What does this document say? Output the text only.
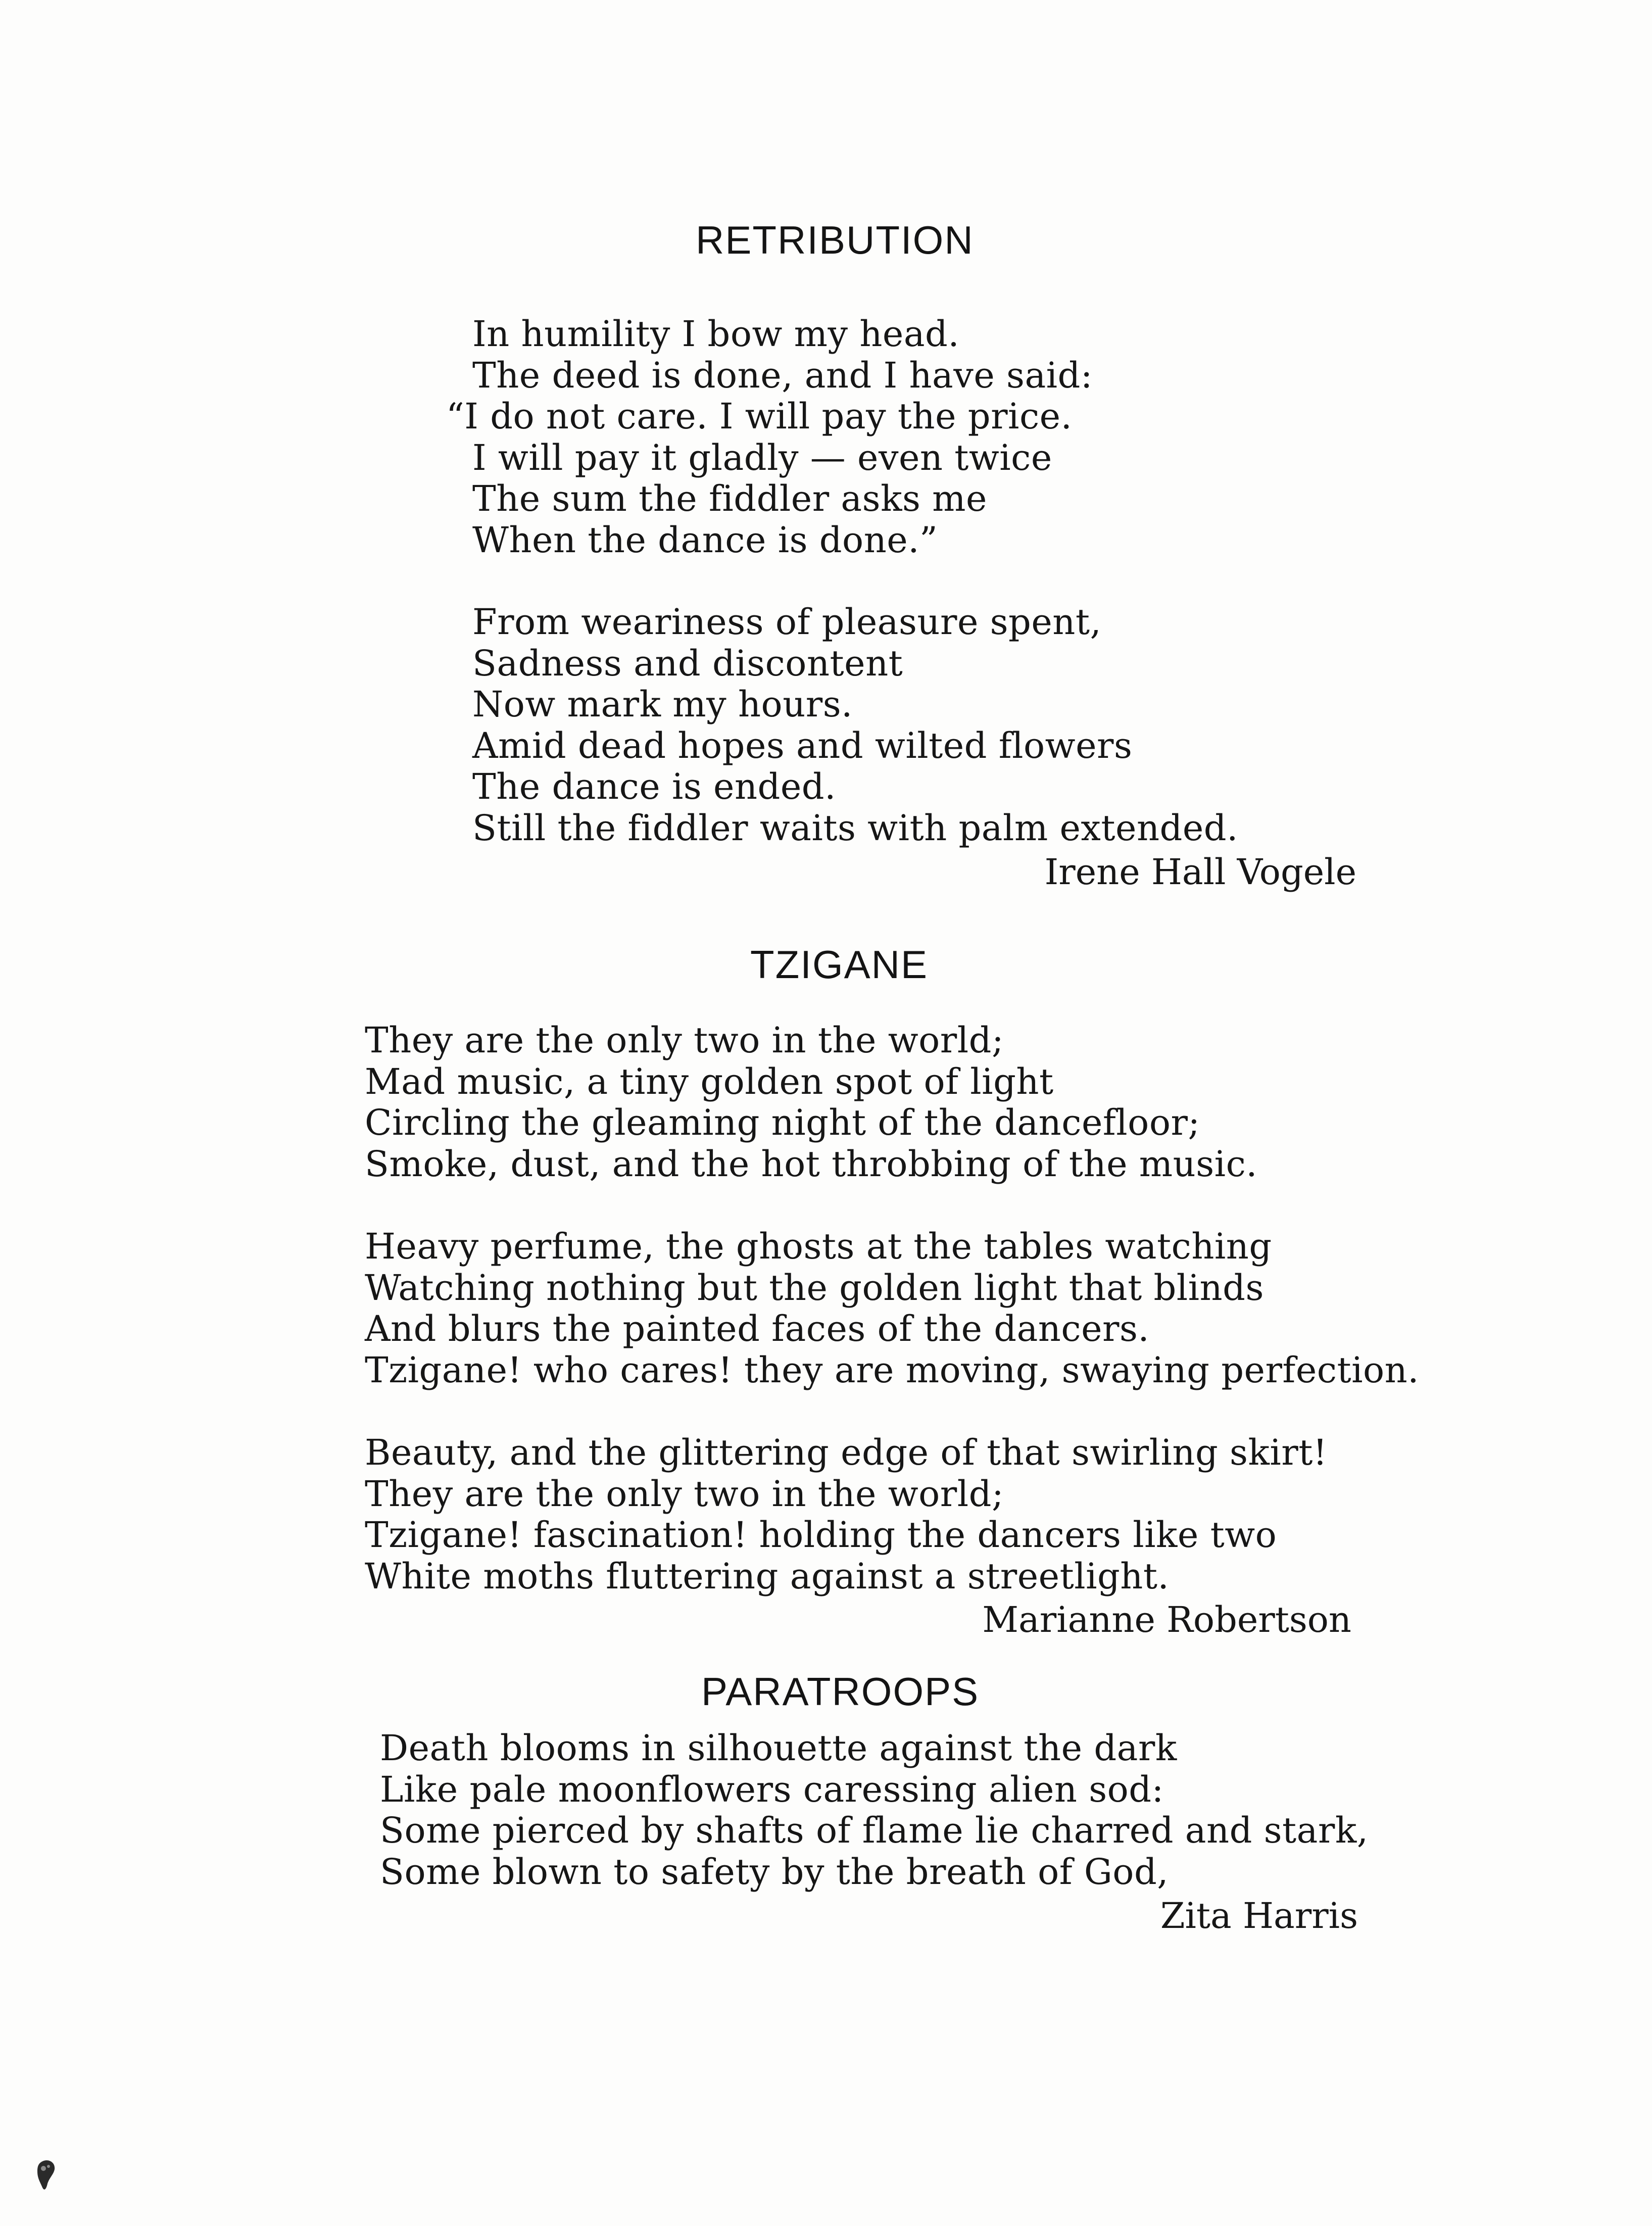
RETRIBUTION
In humility I bow my head.
The deed is done, and I have said:
“I do not care. I will pay the price.
I will pay it gladly — even twice
The sum the fiddler asks me
When the dance is done.”
From weariness of pleasure spent,
Sadness and discontent
Now mark my hours.
Amid dead hopes and wilted flowers
The dance is ended.
Still the fiddler waits with palm extended.
Irene Hall Vogele
TZIGANE
They are the only two in the world;
Mad music, a tiny golden spot of light
Circling the gleaming night of the dancefloor;
Smoke, dust, and the hot throbbing of the music.
Heavy perfume, the ghosts at the tables watching
Watching nothing but the golden light that blinds
And blurs the painted faces of the dancers.
Tzigane! who cares! they are moving, swaying perfection.
Beauty, and the glittering edge of that swirling skirt!
They are the only two in the world;
Tzigane! fascination! holding the dancers like two
White moths fluttering against a streetlight.
Marianne Robertson
PARATROOPS
Death blooms in silhouette against the dark
Like pale moonflowers caressing alien sod:
Some pierced by shafts of flame lie charred and stark,
Some blown to safety by the breath of God,
Zita Harris
